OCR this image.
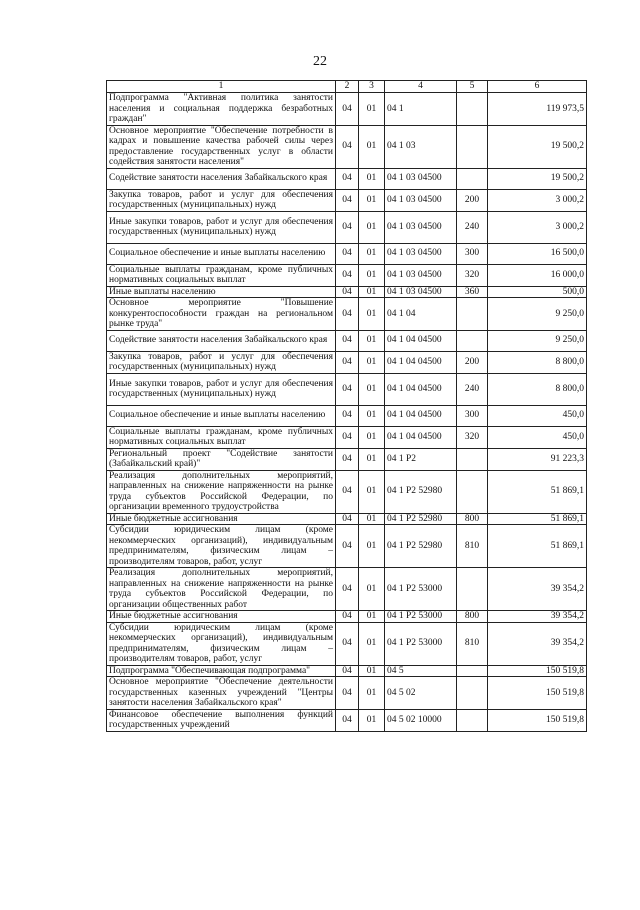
22
1	2	3	4	5	6
Подпрограмма "Активная политика занятости населения и социальная поддержка безработных граждан"	04	01	04 1		119 973,5
Основное мероприятие "Обеспечение потребности в кадрах и повышение качества рабочей силы через предоставление государственных услуг в области содействия занятости населения"	04	01	04 1 03		19 500,2
Содействие занятости населения Забайкальского края	04	01	04 1 03 04500		19 500,2
Закупка товаров, работ и услуг для обеспечения государственных (муниципальных) нужд	04	01	04 1 03 04500	200	3 000,2
Иные закупки товаров, работ и услуг для обеспечения государственных (муниципальных) нужд	04	01	04 1 03 04500	240	3 000,2
Социальное обеспечение и иные выплаты населению	04	01	04 1 03 04500	300	16 500,0
Социальные выплаты гражданам, кроме публичных нормативных социальных выплат	04	01	04 1 03 04500	320	16 000,0
Иные выплаты населению	04	01	04 1 03 04500	360	500,0
Основное мероприятие "Повышение конкурентоспособности граждан на региональном рынке труда"	04	01	04 1 04		9 250,0
Содействие занятости населения Забайкальского края	04	01	04 1 04 04500		9 250,0
Закупка товаров, работ и услуг для обеспечения государственных (муниципальных) нужд	04	01	04 1 04 04500	200	8 800,0
Иные закупки товаров, работ и услуг для обеспечения государственных (муниципальных) нужд	04	01	04 1 04 04500	240	8 800,0
Социальное обеспечение и иные выплаты населению	04	01	04 1 04 04500	300	450,0
Социальные выплаты гражданам, кроме публичных нормативных социальных выплат	04	01	04 1 04 04500	320	450,0
Региональный проект "Содействие занятости (Забайкальский край)"	04	01	04 1 P2		91 223,3
Реализация дополнительных мероприятий, направленных на снижение напряженности на рынке труда субъектов Российской Федерации, по организации временного трудоустройства	04	01	04 1 P2 52980		51 869,1
Иные бюджетные ассигнования	04	01	04 1 P2 52980	800	51 869,1
Субсидии юридическим лицам (кроме некоммерческих организаций), индивидуальным предпринимателям, физическим лицам – производителям товаров, работ, услуг	04	01	04 1 P2 52980	810	51 869,1
Реализация дополнительных мероприятий, направленных на снижение напряженности на рынке труда субъектов Российской Федерации, по организации общественных работ	04	01	04 1 P2 53000		39 354,2
Иные бюджетные ассигнования	04	01	04 1 P2 53000	800	39 354,2
Субсидии юридическим лицам (кроме некоммерческих организаций), индивидуальным предпринимателям, физическим лицам – производителям товаров, работ, услуг	04	01	04 1 P2 53000	810	39 354,2
Подпрограмма "Обеспечивающая подпрограмма"	04	01	04 5		150 519,8
Основное мероприятие "Обеспечение деятельности государственных казенных учреждений "Центры занятости населения Забайкальского края"	04	01	04 5 02		150 519,8
Финансовое обеспечение выполнения функций государственных учреждений	04	01	04 5 02 10000		150 519,8
